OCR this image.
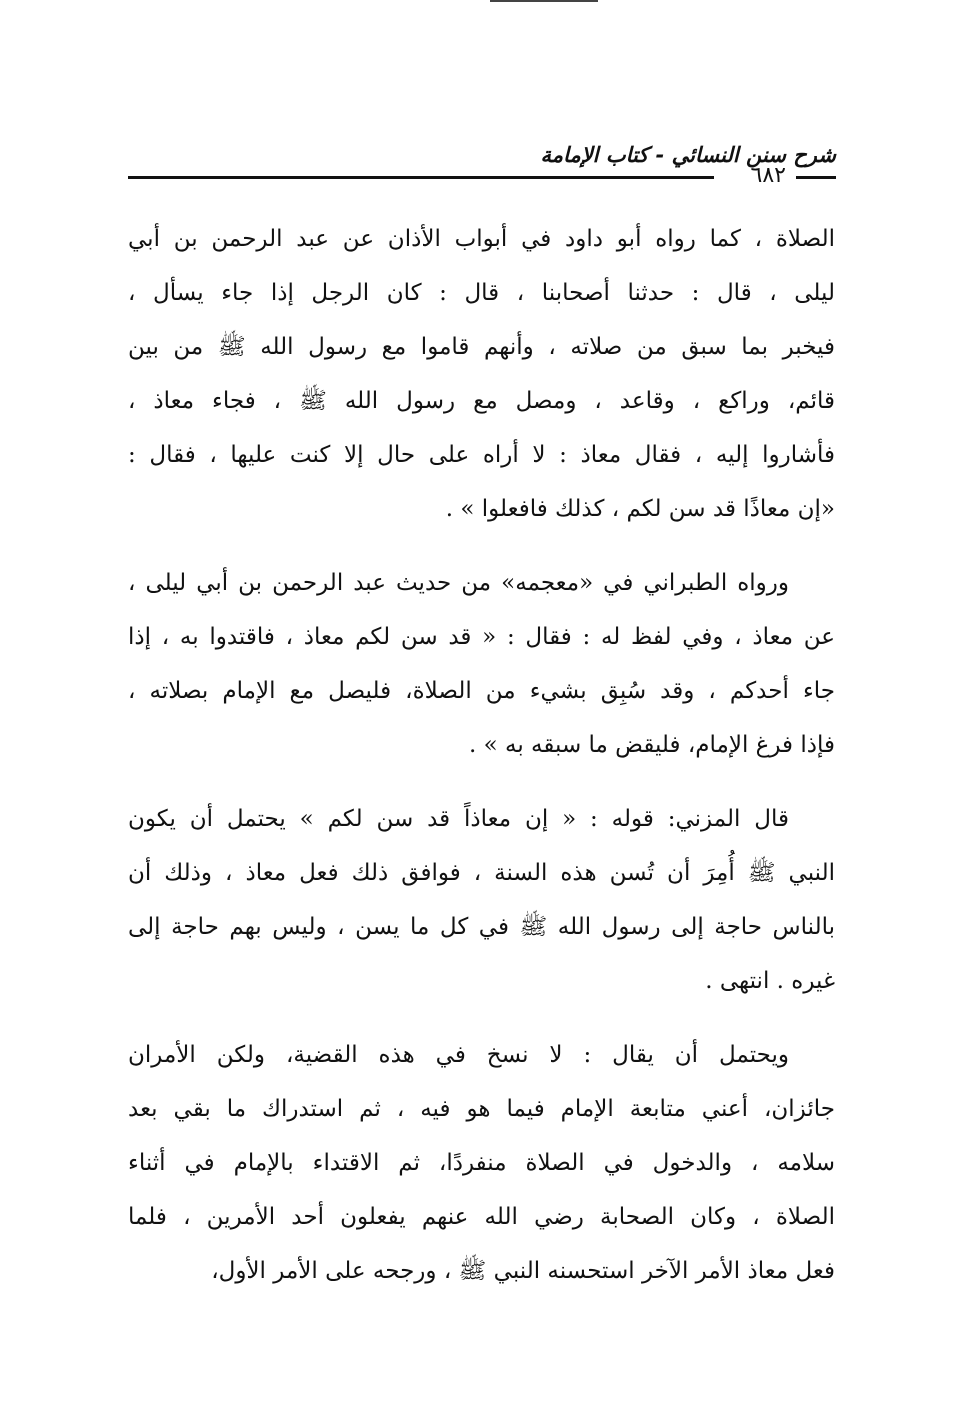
شرح سنن النسائي - كتاب الإمامة
٦٨٢
الصلاة ، كما رواه أبو داود في أبواب الأذان عن عبد الرحمن بن أبي
ليلى ، قال : حدثنا أصحابنا ، قال : كان الرجل إذا جاء يسأل ،
فيخبر بما سبق من صلاته ، وأنهم قاموا مع رسول الله ﷺ من بين
قائم، وراكع ، وقاعد ، ومصل مع رسول الله ﷺ ، فجاء معاذ ،
فأشاروا إليه ، فقال معاذ : لا أراه على حال إلا كنت عليها ، فقال :
«إن معاذًا قد سن لكم ، كذلك فافعلوا » .
ورواه الطبراني في «معجمه» من حديث عبد الرحمن بن أبي ليلى ،
عن معاذ ، وفي لفظ له : فقال : « قد سن لكم معاذ ، فاقتدوا به ، إذا
جاء أحدكم ، وقد سُبِق بشيء من الصلاة، فليصل مع الإمام بصلاته ،
فإذا فرغ الإمام، فليقض ما سبقه به » .
قال المزني: قوله : « إن معاذاً قد سن لكم » يحتمل أن يكون
النبي ﷺ أُمِرَ أن تُسن هذه السنة ، فوافق ذلك فعل معاذ ، وذلك أن
بالناس حاجة إلى رسول الله ﷺ في كل ما يسن ، وليس بهم حاجة إلى
غيره . انتهى .
ويحتمل أن يقال : لا نسخ في هذه القضية، ولكن الأمران
جائزان، أعني متابعة الإمام فيما هو فيه ، ثم استدراك ما بقي بعد
سلامه ، والدخول في الصلاة منفردًا، ثم الاقتداء بالإمام في أثناء
الصلاة ، وكان الصحابة رضي الله عنهم يفعلون أحد الأمرين ، فلما
فعل معاذ الأمر الآخر استحسنه النبي ﷺ ، ورجحه على الأمر الأول،
